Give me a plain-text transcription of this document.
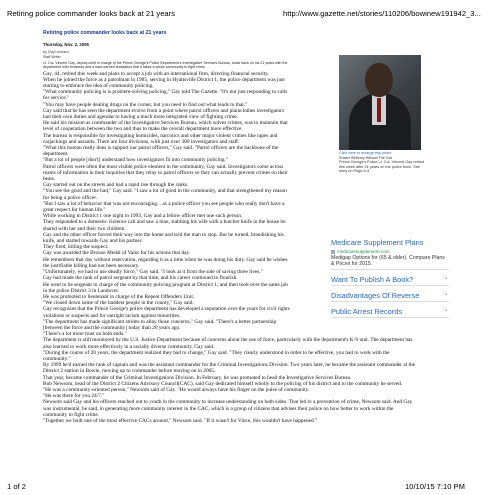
Retiring police commander looks back at 21 years	http://www.gazette.net/stories/110206/bowinew191942_3...

Retiring police commander looks back at 21 years

Thursday, Nov. 2, 2006

by Guy Leonard

Staff Writer

Lt. Col. Vincent Gay, deputy chief in charge of the Prince George's Police Department's Investigative Services Bureau, looks back on his 21 years with the department with fondness and a hard-earned realization that it takes a whole community to fight crime.

Gay, 44, retired this week and plans to accept a job with an international firm, directing financial security.

When he joined the force as a patrolman in 1985, serving in Hyattsville District 1, the police department was just starting to embrace the idea of community policing.

"What community policing is is problem-solving policing," Gay told The Gazette. "It's not just responding to calls for service."

"You may have people dealing drugs on the corner, but you need to find out what leads to that."

Gay said that he has seen the department evolve from a point where patrol officers and plainclothes investigators had their own duties and agendas to having a much more integrated view of fighting crime.

He said his mission as commander of the Investigative Services Bureau, which solves crimes, was to maintain that level of cooperation between the two and thus to make the overall department more effective.

The bureau is responsible for investigating homicides, narcotics and other major violent crimes like rapes and carjackings and assaults. There are four divisions, with just over 300 investigators and staff.

"What this bureau really does is support our patrol officers," Gay said. "Patrol officers are the backbone of the department.

"But a lot of people [don't] understand how investigators fit into community policing."

Patrol officers were often the most visible police element in the community, Gay said. Investigators come across reams of information in their inquiries that they relay to patrol officers so they can actually prevent crimes on their beats.

Gay started out on the streets and had a rapid rise through the ranks.

"You see the good and the bad," Gay said. "I saw a lot of good in the community, and that strengthened my reason for being a police officer.

"But I saw a lot of behavior that was not encouraging... as a police officer you see people who really don't have a great respect for human life."

While working in District 1 one night in 1993, Gay and a fellow officer met one such person.

They responded to a domestic violence call and saw a man, stabbing his wife with a butcher knife in the house he shared with her and their two children.

Gay and the other officer forced their way into the home and told the man to stop. But he turned, brandishing his knife, and started towards Gay and his partner.

They fired, killing the suspect.

Gay was awarded the Bronze Medal of Valor for his actions that day.

He remembers that day without reservation, regarding it as a time when he was doing his duty. Gay said he wishes the justifiable killing had not been necessary.

"Unfortunately, we had to use deadly force," Gay said. "I look at it from the side of saving three lives."

Gay had made the rank of patrol sergeant by that time, and his career continued to flourish.

He went to be sergeant in charge of the community policing program at District 1, and then took over the same job in the police District 3 in Landover.

He was promoted to lieutenant in charge of the Repeat Offenders Unit.

"We closed down some of the baddest people in the county," Gay said.

Gay recognizes that the Prince George's police department has developed a reputation over the years for civil rights violations or suspects and for outright racism against minorities.

"The department has made significant strides to allay those concerns," Gay said. "There's a better partnership [between the force and the community] today than 20 years ago.

"There's a lot more trust on both ends."

The department is still monitored by the U.S. Justice Department because of concerns about the use of force, particularly with the department's K-9 unit. The department has also learned to work more effectively in a racially diverse community, Gay said.

"During the course of 20 years, the department realized they had to change," Gay said. "They clearly understood in order to be effective, you had to work with the community."

By 1999 he'd earned the rank of captain and was the assistant commander for the Criminal Investigations Division. Two years later, he became the assistant commander at the District 2 station in Bowie, moving up to commander before moving on in 2005.

That year, became commander of the Criminal Investigations Division. In February, he was promoted to head the Investigative Services Bureau.

Bob Newsom, head of the District 2 Citizens Advisory Council(CAC), said Gay dedicated himself wholly to the policing of his district and to the community he served.

"He was a community-oriented person," Newsom said of Gay. "He would always have his finger on the pulse of community.

"He was there for you 24/7."

Newsom said Gay and his officers reached out to youth in the community to increase understanding on both sides. That led to a prevention of crime, Newsom said. And Gay was instrumental, he said, in generating more community interest in the CAC, which is a group of citizens that advises their police on how better to work within the community to fight crime.

"Together we built one of the most effective CACs around," Newsom said. "If it wasn't for Vince, this wouldn't have happened."

Click here to enlarge this photo

Susan Whitney-Wilson/The Gar

Prince George's Police Lt. Col. Vincent Gay retired this week after 21 years on the police force. See story on Page A-9.

Medicare Supplement Plans
medicaresupplement.com
Medigap Options for (65 & older). Compare Plans & Prices for 2015.
Want To Publish A Book?	›
Disadvantages Of Reverse	›
Public Arrest Records	›
1 of 2	10/10/15 7:10 PM
